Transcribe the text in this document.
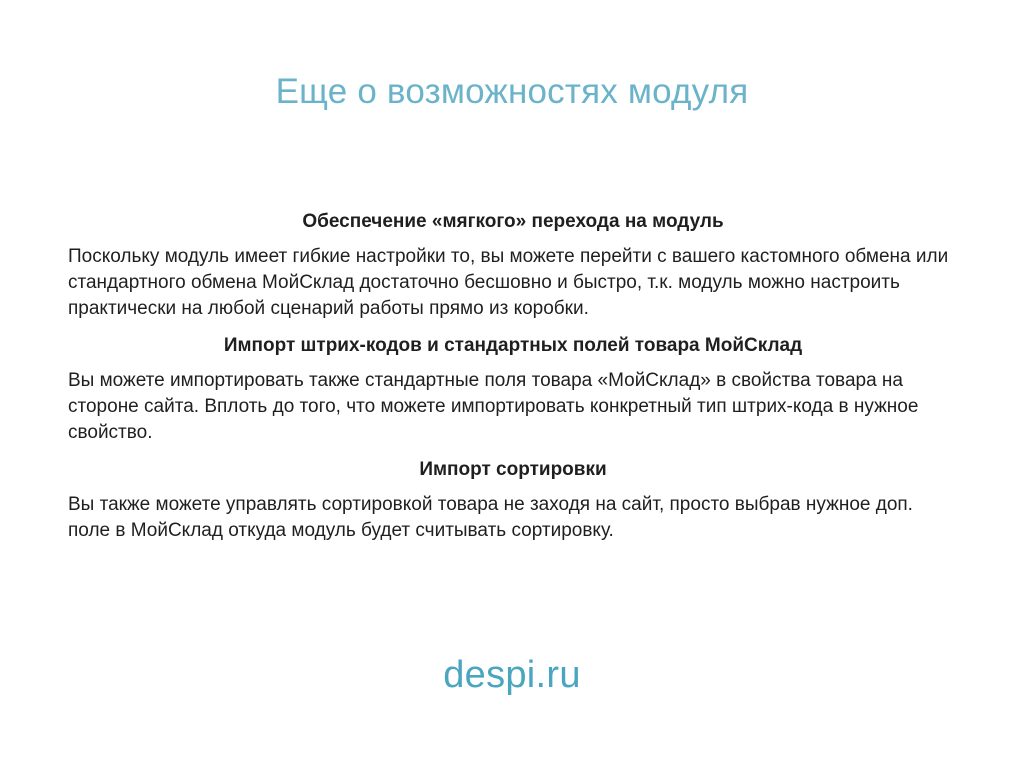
Еще о возможностях модуля
Обеспечение «мягкого» перехода на модуль

Поскольку модуль имеет гибкие настройки то, вы можете перейти с вашего кастомного обмена или стандартного обмена МойСклад достаточно бесшовно и быстро, т.к. модуль можно настроить практически на любой сценарий работы прямо из коробки.

Импорт штрих-кодов и стандартных полей товара МойСклад

Вы можете импортировать также стандартные поля товара «МойСклад» в свойства товара на стороне сайта. Вплоть до того, что можете импортировать конкретный тип штрих-кода в нужное свойство.

Импорт сортировки

Вы также можете управлять сортировкой товара не заходя на сайт, просто выбрав нужное доп. поле в МойСклад откуда модуль будет считывать сортировку.

despi.ru
